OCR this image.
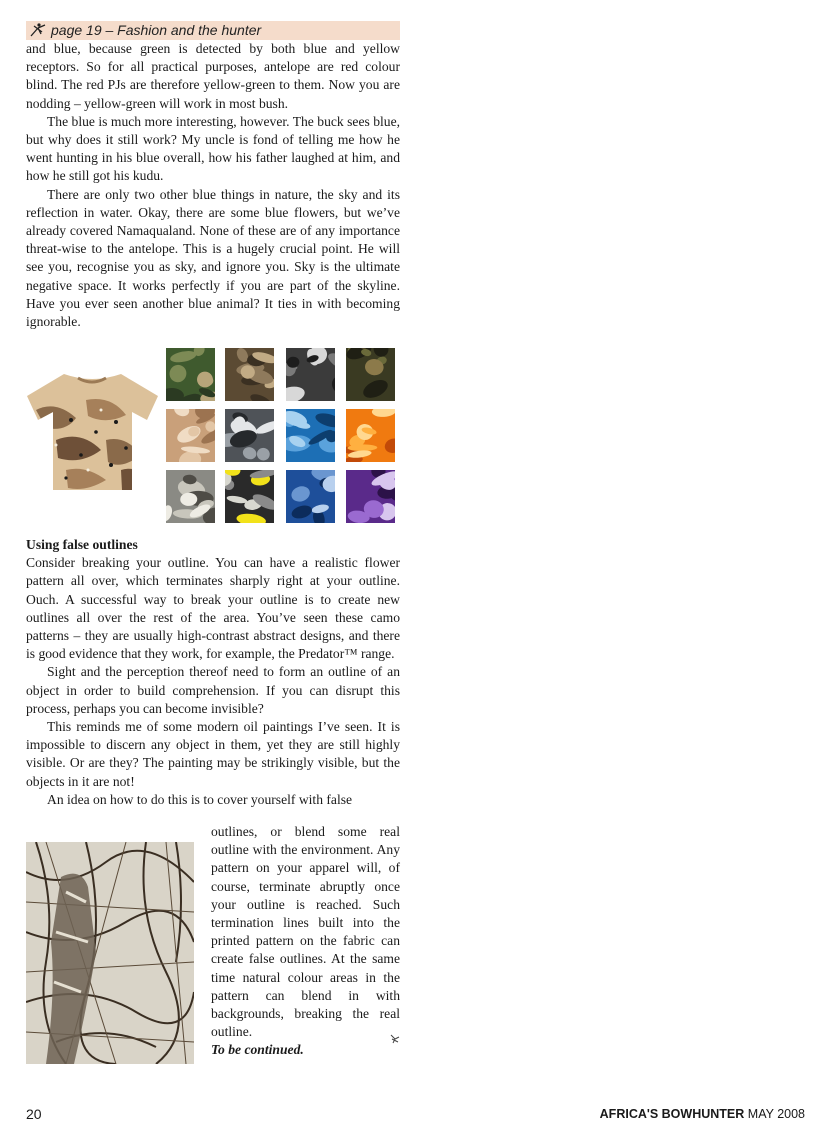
page 19 – Fashion and the hunter

and blue, because green is detected by both blue and yellow receptors. So for all practical purposes, antelope are red colour blind. The red PJs are therefore yellow-green to them. Now you are nodding – yellow-green will work in most bush.

The blue is much more interesting, however. The buck sees blue, but why does it still work? My uncle is fond of telling me how he went hunting in his blue overall, how his father laughed at him, and how he still got his kudu.

There are only two other blue things in nature, the sky and its reflection in water. Okay, there are some blue flowers, but we’ve already covered Namaqualand. None of these are of any importance threat-wise to the antelope. This is a hugely crucial point. He will see you, recognise you as sky, and ignore you. Sky is the ultimate negative space. It works perfectly if you are part of the skyline. Have you ever seen another blue animal? It ties in with becoming ignorable.

Using false outlines

Consider breaking your outline. You can have a realistic flower pattern all over, which terminates sharply right at your outline. Ouch. A successful way to break your outline is to create new outlines all over the rest of the area. You’ve seen these camo patterns – they are usually high-contrast abstract designs, and there is good evidence that they work, for example, the Predator™ range.

Sight and the perception thereof need to form an outline of an object in order to build comprehension. If you can disrupt this process, perhaps you can become invisible?

This reminds me of some modern oil paintings I’ve seen. It is impossible to discern any object in them, yet they are still highly visible. Or are they? The painting may be strikingly visible, but the objects in it are not!

An idea on how to do this is to cover yourself with false

outlines, or blend some real outline with the environment. Any pattern on your apparel will, of course, terminate abruptly once your outline is reached. Such termination lines built into the printed pattern on the fabric can create false outlines. At the same time natural colour areas in the pattern can blend in with backgrounds, breaking the real outline.

To be continued.

20	AFRICA'S BOWHUNTER MAY 2008
